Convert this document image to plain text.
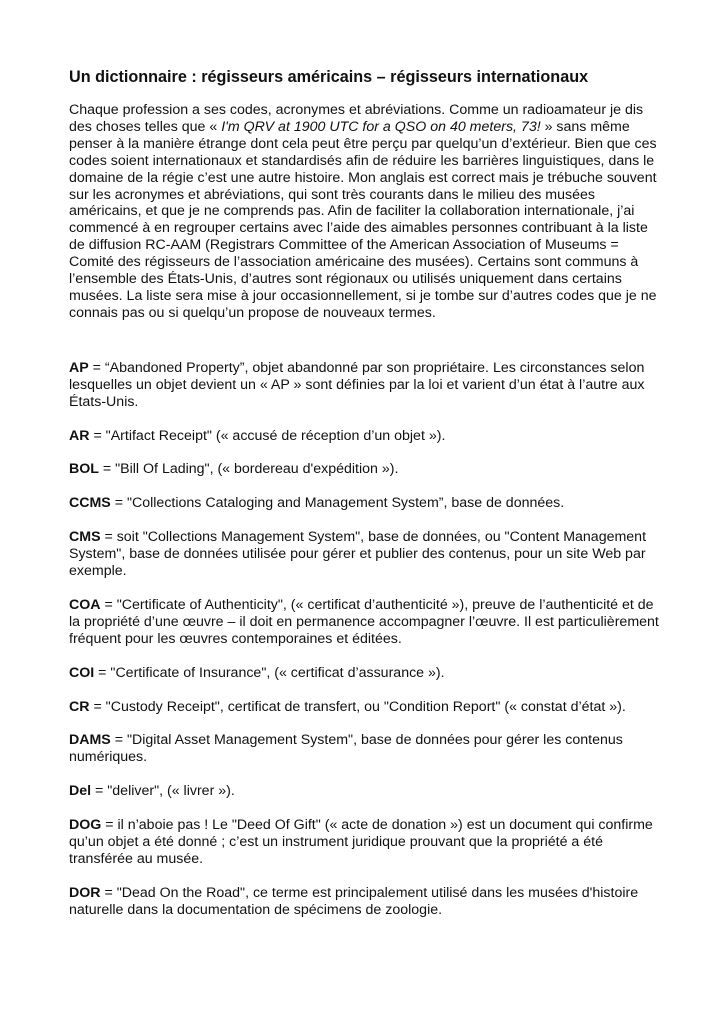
Un dictionnaire : régisseurs américains – régisseurs internationaux

Chaque profession a ses codes, acronymes et abréviations. Comme un radioamateur je dis des choses telles que « I'm QRV at 1900 UTC for a QSO on 40 meters, 73! » sans même penser à la manière étrange dont cela peut être perçu par quelqu’un d’extérieur. Bien que ces codes soient internationaux et standardisés afin de réduire les barrières linguistiques, dans le domaine de la régie c’est une autre histoire. Mon anglais est correct mais je trébuche souvent sur les acronymes et abréviations, qui sont très courants dans le milieu des musées américains, et que je ne comprends pas. Afin de faciliter la collaboration internationale, j’ai commencé à en regrouper certains avec l’aide des aimables personnes contribuant à la liste de diffusion RC-AAM (Registrars Committee of the American Association of Museums = Comité des régisseurs de l’association américaine des musées). Certains sont communs à l’ensemble des États-Unis, d’autres sont régionaux ou utilisés uniquement dans certains musées. La liste sera mise à jour occasionnellement, si je tombe sur d’autres codes que je ne connais pas ou si quelqu’un propose de nouveaux termes.

AP = “Abandoned Property”, objet abandonné par son propriétaire. Les circonstances selon lesquelles un objet devient un « AP » sont définies par la loi et varient d’un état à l’autre aux États-Unis.

AR = "Artifact Receipt" (« accusé de réception d’un objet »).

BOL = "Bill Of Lading", (« bordereau d'expédition »).

CCMS = "Collections Cataloging and Management System”, base de données.

CMS = soit "Collections Management System", base de données, ou "Content Management System", base de données utilisée pour gérer et publier des contenus, pour un site Web par exemple.

COA = "Certificate of Authenticity", (« certificat d’authenticité »), preuve de l’authenticité et de la propriété d’une œuvre – il doit en permanence accompagner l’œuvre. Il est particulièrement fréquent pour les œuvres contemporaines et éditées.

COI = "Certificate of Insurance", (« certificat d’assurance »).

CR = "Custody Receipt", certificat de transfert, ou "Condition Report" (« constat d’état »).

DAMS = "Digital Asset Management System", base de données pour gérer les contenus numériques.

Del = "deliver", (« livrer »).

DOG = il n’aboie pas ! Le "Deed Of Gift" (« acte de donation ») est un document qui confirme qu’un objet a été donné ; c’est un instrument juridique prouvant que la propriété a été transférée au musée.

DOR = "Dead On the Road", ce terme est principalement utilisé dans les musées d'histoire naturelle dans la documentation de spécimens de zoologie.
